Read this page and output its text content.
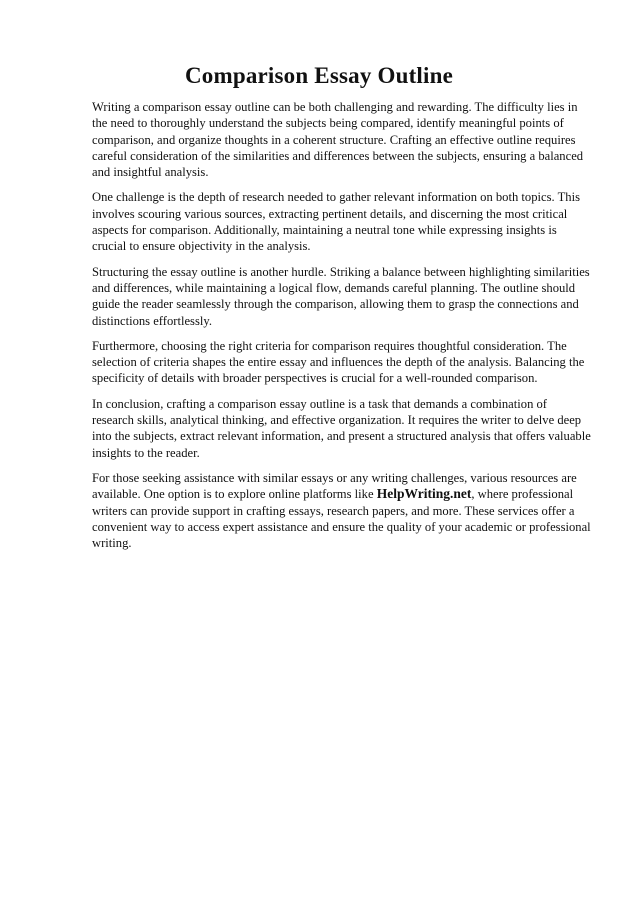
Comparison Essay Outline

Writing a comparison essay outline can be both challenging and rewarding. The difficulty lies in the need to thoroughly understand the subjects being compared, identify meaningful points of comparison, and organize thoughts in a coherent structure. Crafting an effective outline requires careful consideration of the similarities and differences between the subjects, ensuring a balanced and insightful analysis.

One challenge is the depth of research needed to gather relevant information on both topics. This involves scouring various sources, extracting pertinent details, and discerning the most critical aspects for comparison. Additionally, maintaining a neutral tone while expressing insights is crucial to ensure objectivity in the analysis.

Structuring the essay outline is another hurdle. Striking a balance between highlighting similarities and differences, while maintaining a logical flow, demands careful planning. The outline should guide the reader seamlessly through the comparison, allowing them to grasp the connections and distinctions effortlessly.

Furthermore, choosing the right criteria for comparison requires thoughtful consideration. The selection of criteria shapes the entire essay and influences the depth of the analysis. Balancing the specificity of details with broader perspectives is crucial for a well-rounded comparison.

In conclusion, crafting a comparison essay outline is a task that demands a combination of research skills, analytical thinking, and effective organization. It requires the writer to delve deep into the subjects, extract relevant information, and present a structured analysis that offers valuable insights to the reader.

For those seeking assistance with similar essays or any writing challenges, various resources are available. One option is to explore online platforms like HelpWriting.net, where professional writers can provide support in crafting essays, research papers, and more. These services offer a convenient way to access expert assistance and ensure the quality of your academic or professional writing.
